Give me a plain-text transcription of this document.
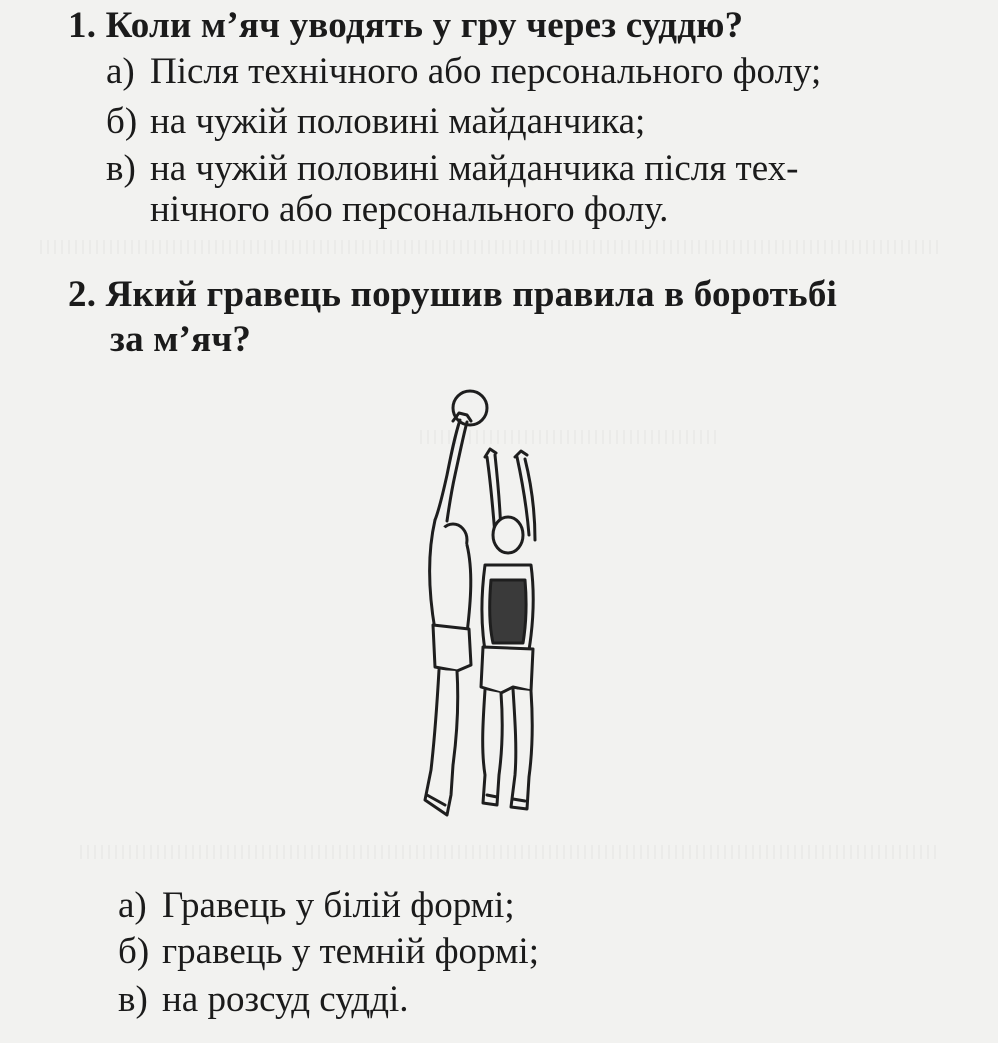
1. Коли м’яч уводять у гру через суддю?
а) Після технічного або персонального фолу;
б) на чужій половині майданчика;
в) на чужій половині майданчика після тех-
нічного або персонального фолу.
2. Який гравець порушив правила в боротьбі
за м’яч?
а) Гравець у білій формі;
б) гравець у темній формі;
в) на розсуд судді.
